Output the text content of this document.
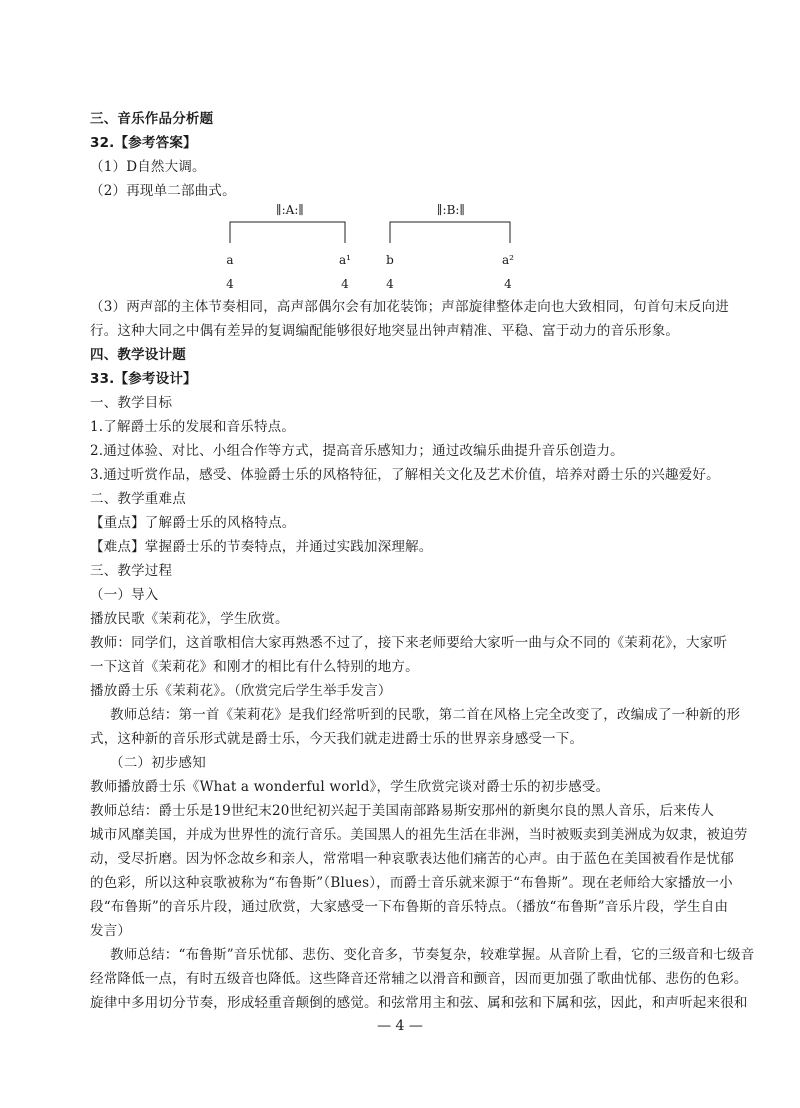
三、音乐作品分析题
32.【参考答案】
（1）D自然大调。
（2）再现单二部曲式。
∥:A:∥	∥:B:∥
a	a¹	b	a²
4	4	4	4
（3）两声部的主体节奏相同，高声部偶尔会有加花装饰；声部旋律整体走向也大致相同，句首句末反向进
行。这种大同之中偶有差异的复调编配能够很好地突显出钟声精准、平稳、富于动力的音乐形象。
四、教学设计题
33.【参考设计】
一、教学目标
1.了解爵士乐的发展和音乐特点。
2.通过体验、对比、小组合作等方式，提高音乐感知力；通过改编乐曲提升音乐创造力。
3.通过听赏作品，感受、体验爵士乐的风格特征，了解相关文化及艺术价值，培养对爵士乐的兴趣爱好。
二、教学重难点
【重点】了解爵士乐的风格特点。
【难点】掌握爵士乐的节奏特点，并通过实践加深理解。
三、教学过程
（一）导入
播放民歌《茉莉花》，学生欣赏。
教师：同学们，这首歌相信大家再熟悉不过了，接下来老师要给大家听一曲与众不同的《茉莉花》，大家听
一下这首《茉莉花》和刚才的相比有什么特别的地方。
播放爵士乐《茉莉花》。（欣赏完后学生举手发言）
教师总结：第一首《茉莉花》是我们经常听到的民歌，第二首在风格上完全改变了，改编成了一种新的形
式，这种新的音乐形式就是爵士乐，今天我们就走进爵士乐的世界亲身感受一下。
（二）初步感知
教师播放爵士乐《What a wonderful world》，学生欣赏完谈对爵士乐的初步感受。
教师总结：爵士乐是19世纪末20世纪初兴起于美国南部路易斯安那州的新奥尔良的黑人音乐，后来传人
城市风靡美国，并成为世界性的流行音乐。美国黑人的祖先生活在非洲，当时被贩卖到美洲成为奴隶，被迫劳
动，受尽折磨。因为怀念故乡和亲人，常常唱一种哀歌表达他们痛苦的心声。由于蓝色在美国被看作是忧郁
的色彩，所以这种哀歌被称为“布鲁斯”（Blues），而爵士音乐就来源于“布鲁斯”。现在老师给大家播放一小
段“布鲁斯”的音乐片段，通过欣赏，大家感受一下布鲁斯的音乐特点。（播放“布鲁斯”音乐片段，学生自由
发言）
教师总结：“布鲁斯”音乐忧郁、悲伤、变化音多，节奏复杂，较难掌握。从音阶上看，它的三级音和七级音
经常降低一点，有时五级音也降低。这些降音还常辅之以滑音和颤音，因而更加强了歌曲忧郁、悲伤的色彩。
旋律中多用切分节奏，形成轻重音颠倒的感觉。和弦常用主和弦、属和弦和下属和弦，因此，和声听起来很和
— 4 —
